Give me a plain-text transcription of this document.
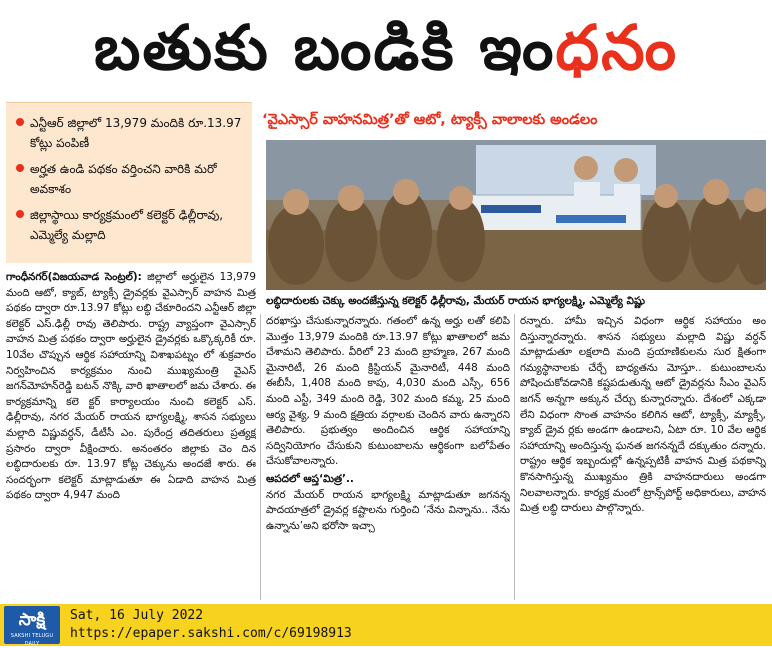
బతుకు బండికి ఇంధనం
ఎన్టీఆర్ జిల్లాలో 13,979 మందికి రూ.13.97 కోట్లు పంపిణీ
అర్హత ఉండి పథకం వర్తించని వారికి మరో అవకాశం
జిల్లాస్థాయి కార్యక్రమంలో కలెక్టర్ ఢిల్లీరావు, ఎమ్మెల్యే మల్లాది
‘వైఎస్సార్ వాహనమిత్ర’తో ఆటో, ట్యాక్సీ వాలాలకు అండలం
లబ్ధిదారులకు చెక్కు అందజేస్తున్న కలెక్టర్ ఢిల్లీరావు, మేయర్ రాయన భాగ్యలక్ష్మి, ఎమ్మెల్యే విష్ణు

గాంధీనగర్(విజయవాడ సెంట్రల్): జిల్లాలో అర్హులైన 13,979 మంది ఆటో, క్యాబ్, ట్యాక్సీ డ్రైవర్లకు వైఎస్సార్ వాహన మిత్ర పథకం ద్వారా రూ.13.97 కోట్లు లబ్ధి చేకూరిందని ఎన్టీఆర్ జిల్లా కలెక్టర్ ఎస్.ఢిల్లీ రావు తెలిపారు. రాష్ట్ర వ్యాప్తంగా వైఎస్సార్ వాహన మిత్ర పథకం ద్వారా అర్హులైన డ్రైవర్లకు ఒక్కొక్కరికీ రూ. 10వేల చొప్పున ఆర్థిక సహాయాన్ని విశాఖపట్నం లో శుక్రవారం నిర్వహించిన కార్యక్రమం నుంచి ముఖ్యమంత్రి వైఎస్ జగన్‌మోహన్‌రెడ్డి బటన్ నొక్కి వారి ఖాతాలలో జమ చేశారు. ఈ కార్యక్రమాన్ని కలె క్టర్ కార్యాలయం నుంచి కలెక్టర్ ఎస్. ఢిల్లీరావు, నగర మేయర్ రాయన భాగ్యలక్ష్మి, శాసన సభ్యులు మల్లాది విష్ణువర్ధన్, డీటీసీ ఎం. పురేంద్ర తదితరులు ప్రత్యక్ష ప్రసారం ద్వారా వీక్షించారు. అనంతరం జిల్లాకు చెం దిన లబ్ధిదారులకు రూ. 13.97 కోట్ల చెక్కును అందజే శారు. ఈ సందర్భంగా కలెక్టర్ మాట్లాడుతూ ఈ ఏడాది వాహన మిత్ర పథకం ద్వారా 4,947 మంది

దరఖాస్తు చేసుకున్నారన్నారు. గతంలో ఉన్న అర్హు లతో కలిపి మొత్తం 13,979 మందికి రూ.13.97 కోట్లు ఖాతాలలో జమ చేశామని తెలిపారు. వీరిలో 23 మంది బ్రాహ్మణ, 267 మంది మైనారిటీ, 26 మంది క్రిస్టియన్ మైనారిటీ, 448 మంది ఈబీసీ, 1,408 మంది కాపు, 4,030 మంది ఎస్సీ, 656 మంది ఎస్టీ, 349 మంది రెడ్డి, 302 మంది కమ్మ, 25 మంది ఆర్య వైశ్య, 9 మంది క్షత్రియ వర్గాలకు చెందిన వారు ఉన్నారని తెలిపారు. ప్రభుత్వం అందించిన ఆర్థిక సహాయాన్ని సద్వినియోగం చేసుకుని కుటుంబాలను ఆర్థికంగా బలోపేతం చేసుకోవాలన్నారు.

ఆపదలో ఆప్త‘మిత్ర’..

నగర మేయర్ రాయన భాగ్యలక్ష్మి మాట్లాడుతూ జగనన్న పాదయాత్రలో డ్రైవర్ల కష్టాలను గుర్తించి ‘నేను విన్నాను.. నేను ఉన్నాను’అని భరోసా ఇచ్చా

రన్నారు. హామీ ఇచ్చిన విధంగా ఆర్థిక సహాయం అం దిస్తున్నారన్నారు. శాసన సభ్యులు మల్లాది విష్ణు వర్ధన్ మాట్లాడుతూ లక్షలాది మంది ప్రయాణికులను సుర క్షితంగా గమ్యస్థానాలకు చేర్చే బాధ్యతను మోస్తూ.. కుటుంబాలను పోషించుకోవడానికి కష్టపడుతున్న ఆటో డ్రైవర్లను సీఎం వైఎస్ జగన్ అన్నగా అక్కున చేర్చు కున్నారన్నారు. దేశంలో ఎక్కడా లేని విధంగా సొంత వాహనం కలిగిన ఆటో, ట్యాక్సీ, మ్యాక్సీ, క్యాబ్ డ్రైవ ర్లకు అండగా ఉండాలని, ఏటా రూ. 10 వేల ఆర్థిక సహాయాన్ని అందిస్తున్న ఘనత జగనన్నదే దక్కుతుం దన్నారు. రాష్ట్రం ఆర్థిక ఇబ్బందుల్లో ఉన్నప్పటికీ వాహన మిత్ర పథకాన్ని కొనసాగిస్తున్న ముఖ్యమం త్రికి వాహనదారులు అండగా నిలవాలన్నారు. కార్యక్ర మంలో ట్రాన్స్‌పోర్ట్ అధికారులు, వాహన మిత్ర లబ్ధి దారులు పాల్గొన్నారు.

సాక్షి
SAKSHI TELUGU DAILY
Sat, 16 July 2022
https://epaper.sakshi.com/c/69198913
